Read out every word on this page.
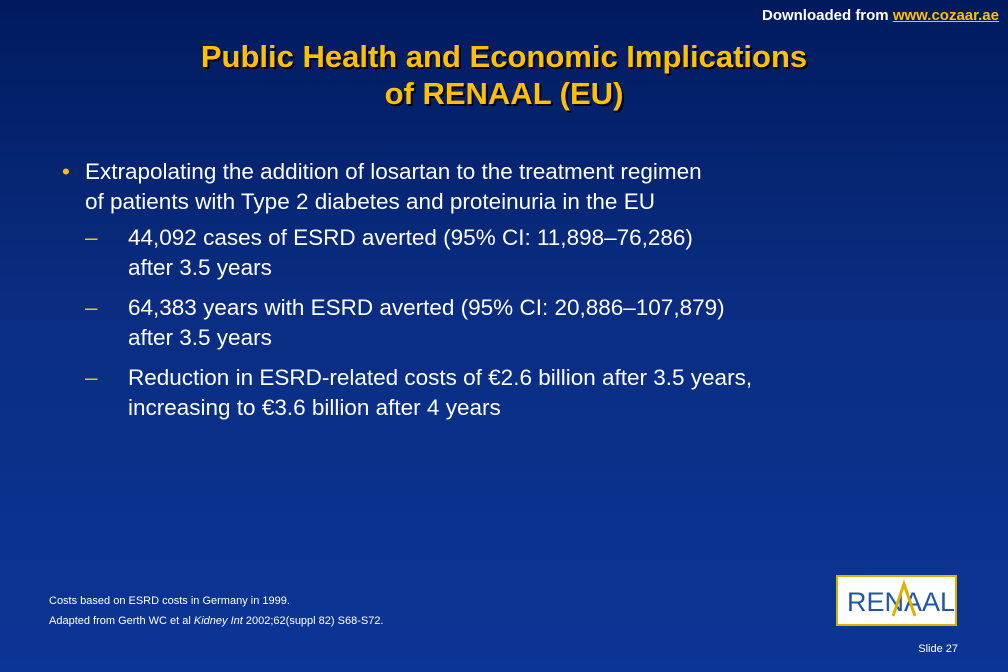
Downloaded from www.cozaar.ae
Public Health and Economic Implications
of RENAAL (EU)
• Extrapolating the addition of losartan to the treatment regimen
of patients with Type 2 diabetes and proteinuria in the EU
– 44,092 cases of ESRD averted (95% CI: 11,898–76,286)
after 3.5 years
– 64,383 years with ESRD averted (95% CI: 20,886–107,879)
after 3.5 years
– Reduction in ESRD-related costs of €2.6 billion after 3.5 years,
increasing to €3.6 billion after 4 years

Costs based on ESRD costs in Germany in 1999.

Adapted from Gerth WC et al Kidney Int 2002;62(suppl 82) S68-S72.

RENAAL
Slide 27
